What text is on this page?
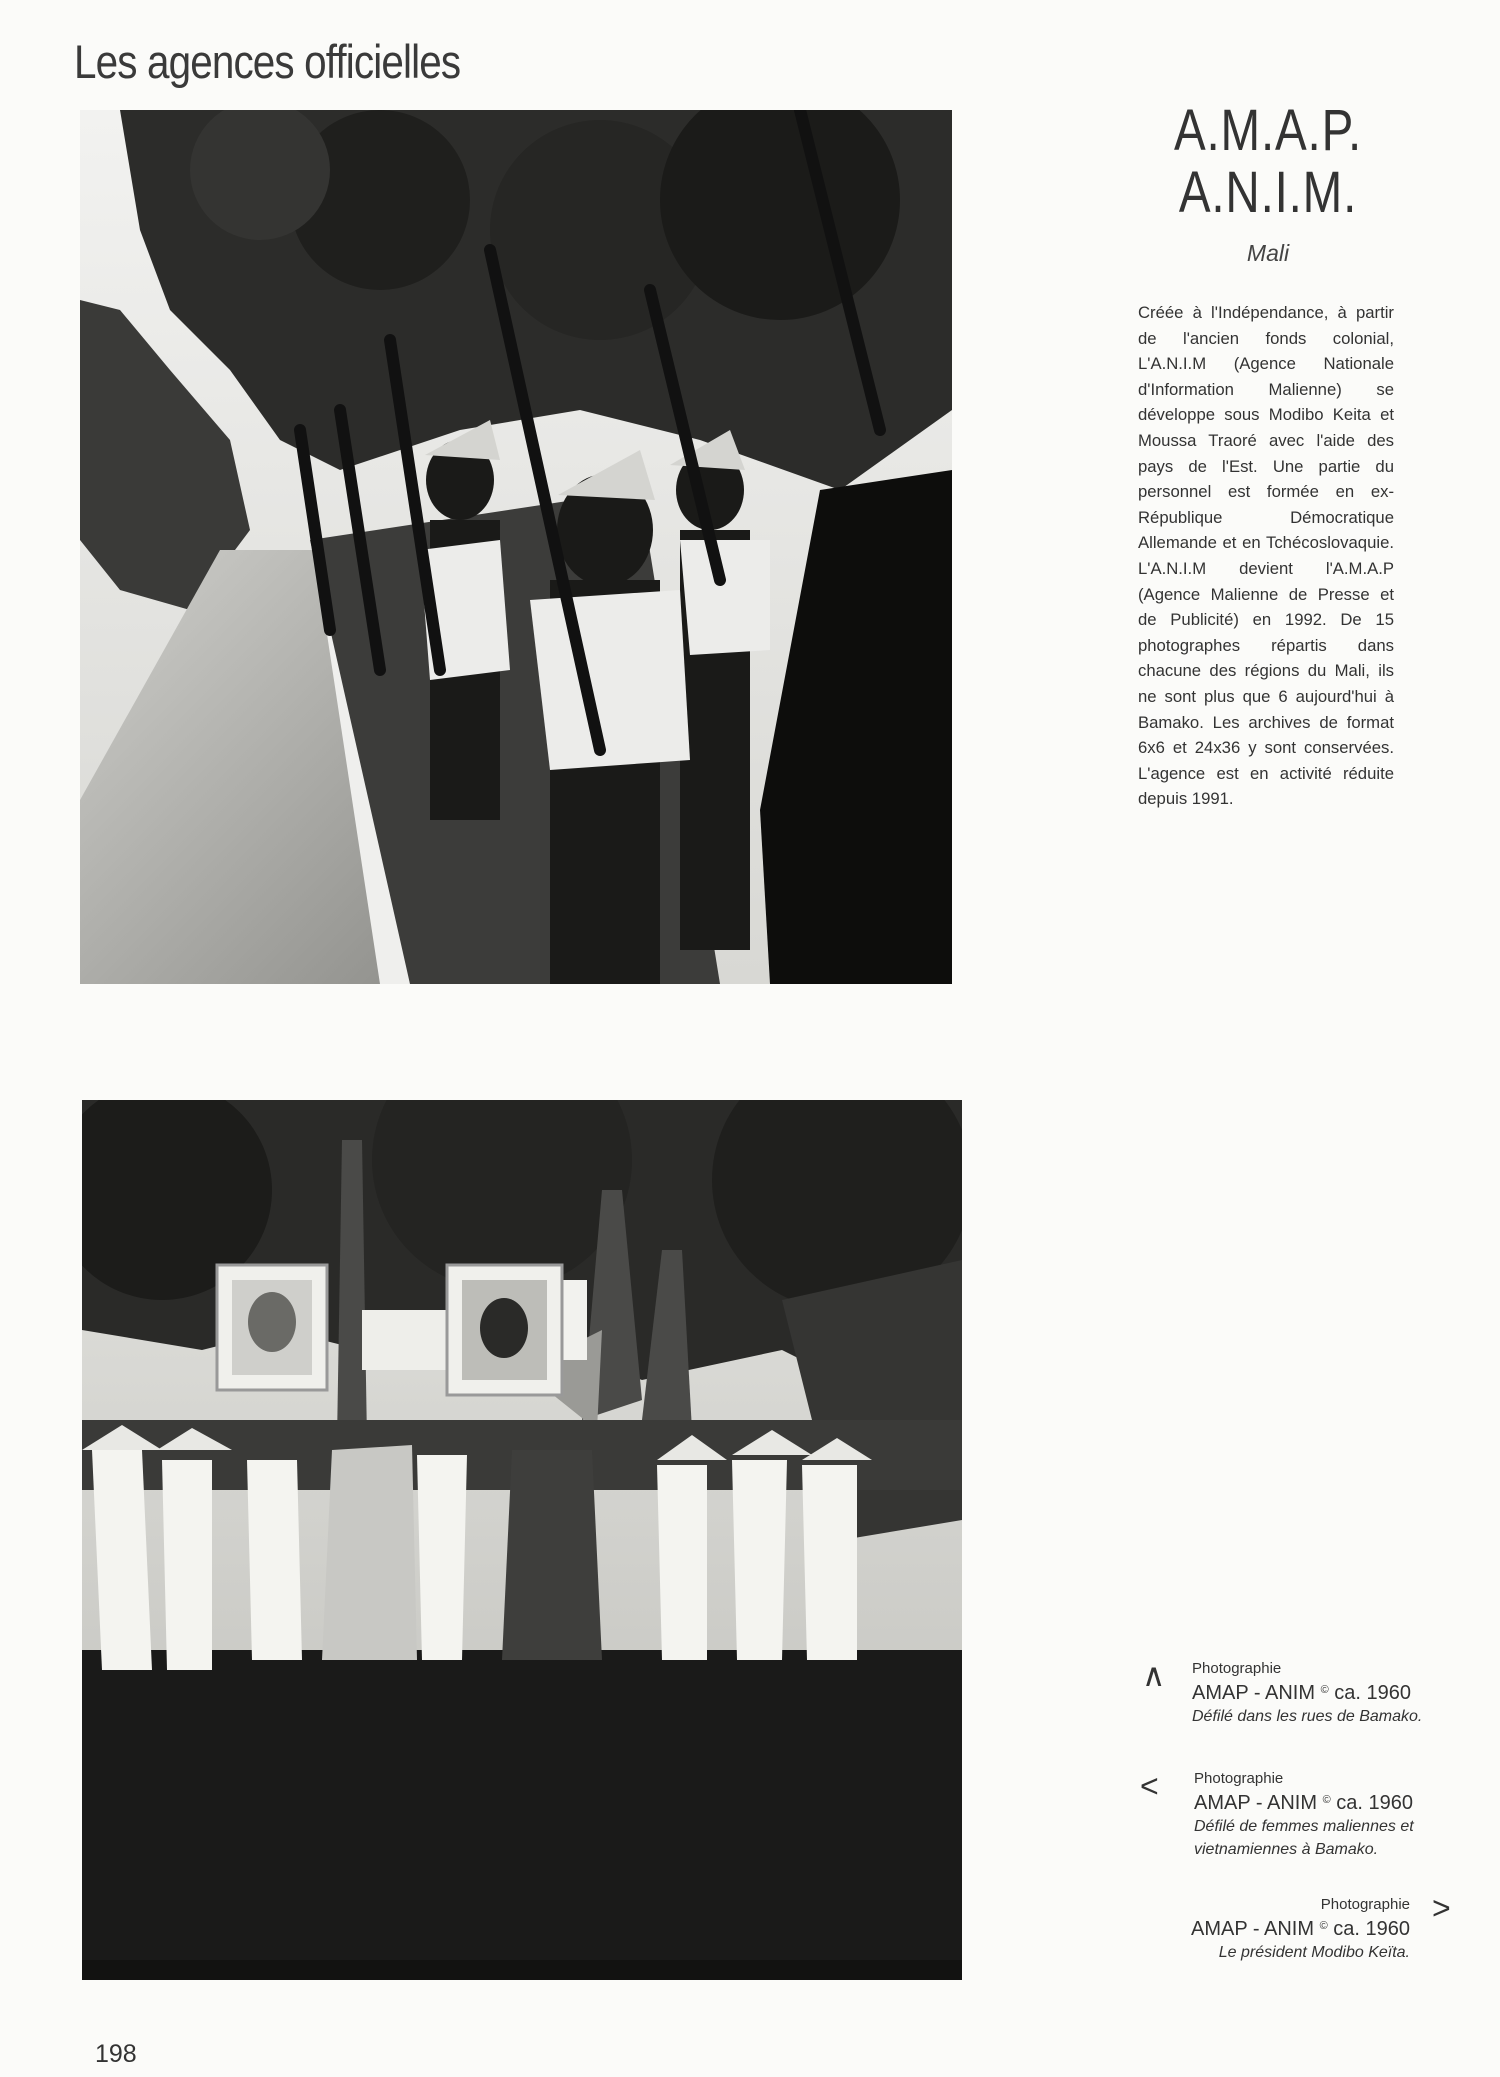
Les agences officielles
A.M.A.P.
A.N.I.M.
Mali
Créée à l'Indépendance, à partir de l'ancien fonds colonial, L'A.N.I.M (Agence Nationale d'Information Malienne) se développe sous Modibo Keita et Moussa Traoré avec l'aide des pays de l'Est. Une partie du personnel est formée en ex-République Démocratique Allemande et en Tchécoslovaquie. L'A.N.I.M devient l'A.M.A.P (Agence Malienne de Presse et de Publicité) en 1992. De 15 photographes répartis dans chacune des régions du Mali, ils ne sont plus que 6 aujourd'hui à Bamako. Les archives de format 6x6 et 24x36 y sont conservées. L'agence est en activité réduite depuis 1991.
∧ Photographie
AMAP - ANIM © ca. 1960
Défilé dans les rues de Bamako.
< Photographie
AMAP - ANIM © ca. 1960
Défilé de femmes maliennes et
vietnamiennes à Bamako.
>
Photographie
AMAP - ANIM © ca. 1960
Le président Modibo Keïta.
198
